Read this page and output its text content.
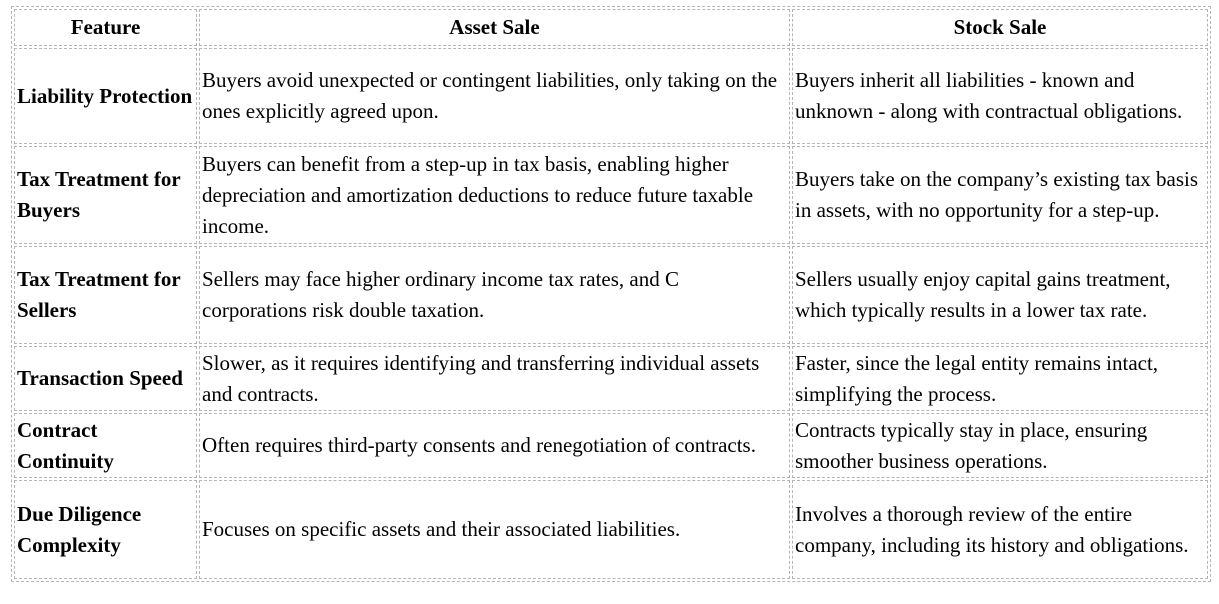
Feature	Asset Sale	Stock Sale
Liability Protection	Buyers avoid unexpected or contingent liabilities, only taking on the ones explicitly agreed upon.	Buyers inherit all liabilities - known and unknown - along with contractual obligations.
Tax Treatment for Buyers	Buyers can benefit from a step-up in tax basis, enabling higher depreciation and amortization deductions to reduce future taxable income.	Buyers take on the company’s existing tax basis in assets, with no opportunity for a step-up.
Tax Treatment for Sellers	Sellers may face higher ordinary income tax rates, and C corporations risk double taxation.	Sellers usually enjoy capital gains treatment, which typically results in a lower tax rate.
Transaction Speed	Slower, as it requires identifying and transferring individual assets and contracts.	Faster, since the legal entity remains intact, simplifying the process.
Contract Continuity	Often requires third-party consents and renegotiation of contracts.	Contracts typically stay in place, ensuring smoother business operations.
Due Diligence Complexity	Focuses on specific assets and their associated liabilities.	Involves a thorough review of the entire company, including its history and obligations.
